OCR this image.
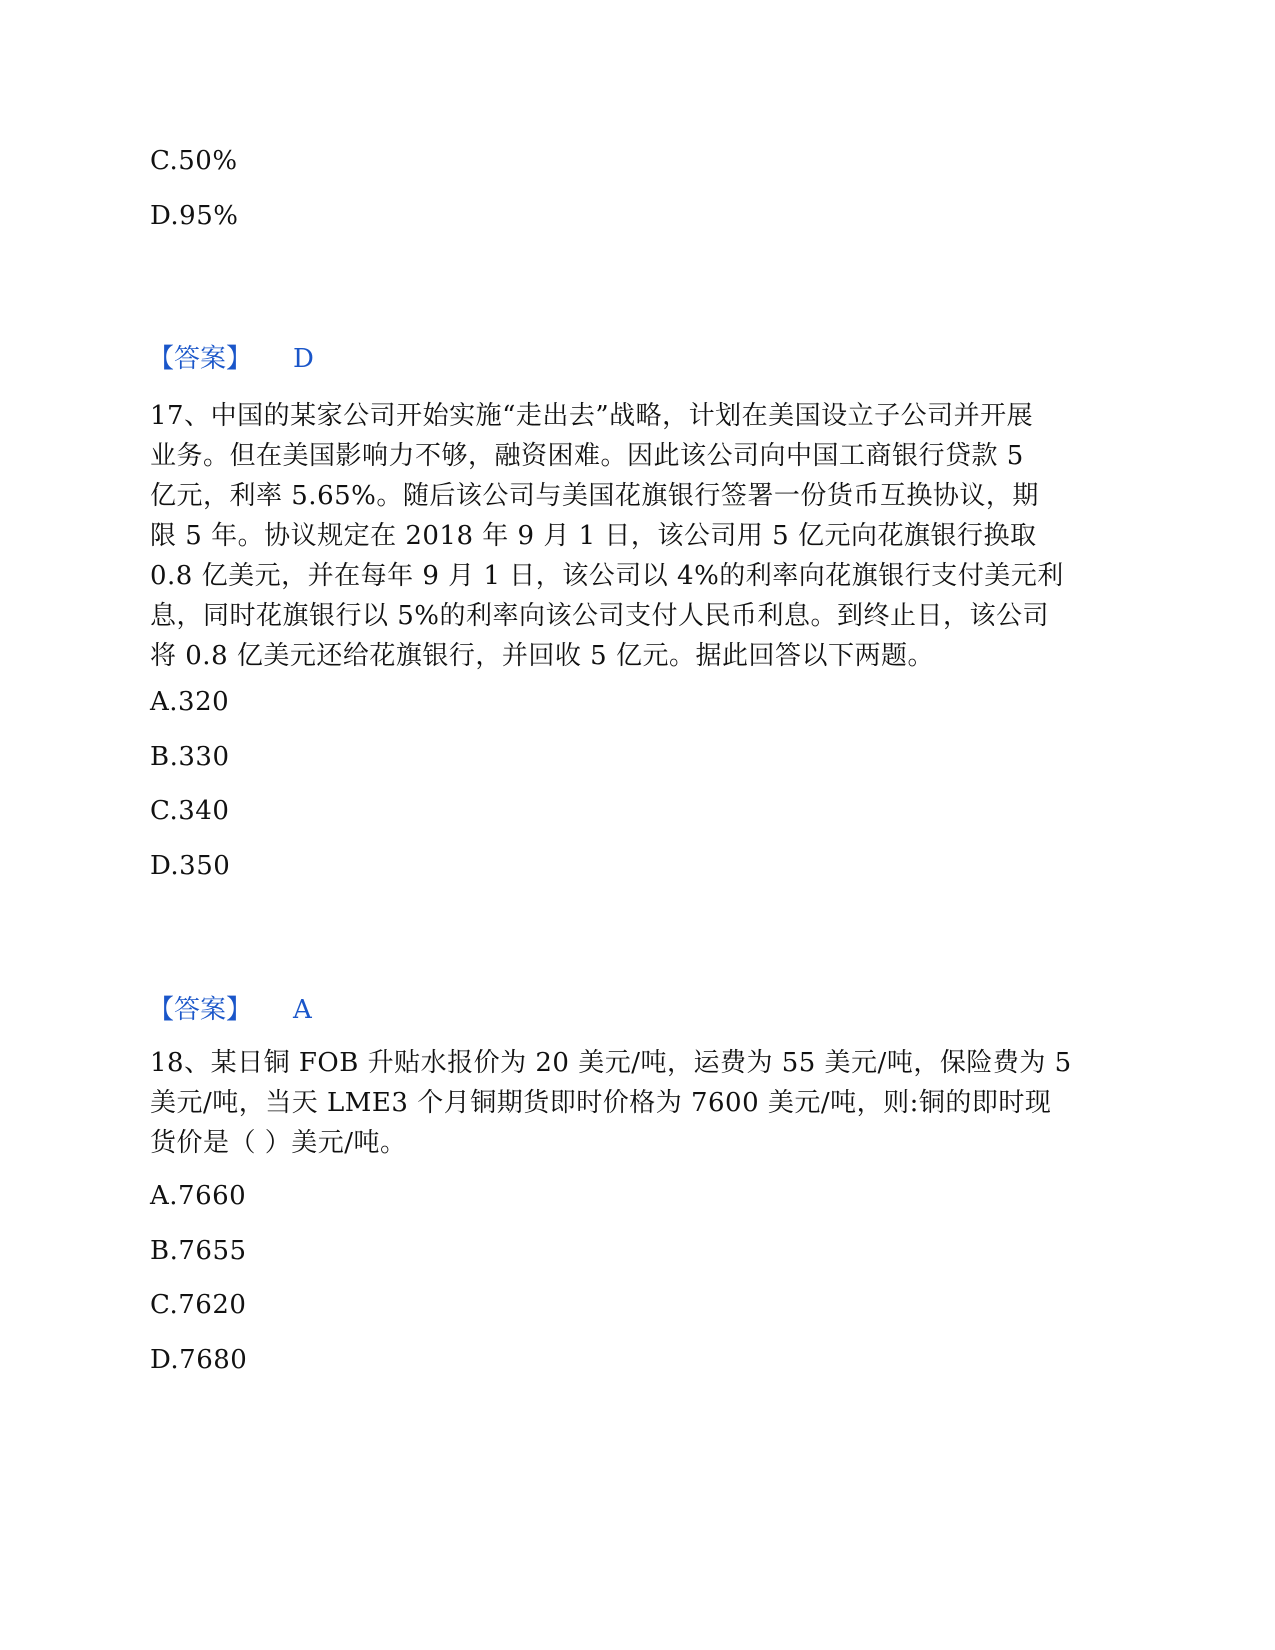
C.50%
D.95%
【答案】 D
17、中国的某家公司开始实施“走出去”战略，计划在美国设立子公司并开展
业务。但在美国影响力不够，融资困难。因此该公司向中国工商银行贷款 5
亿元，利率 5.65%。随后该公司与美国花旗银行签署一份货币互换协议，期
限 5 年。协议规定在 2018 年 9 月 1 日，该公司用 5 亿元向花旗银行换取
0.8 亿美元，并在每年 9 月 1 日，该公司以 4%的利率向花旗银行支付美元利
息，同时花旗银行以 5%的利率向该公司支付人民币利息。到终止日，该公司
将 0.8 亿美元还给花旗银行，并回收 5 亿元。据此回答以下两题。
A.320
B.330
C.340
D.350
【答案】 A
18、某日铜 FOB 升贴水报价为 20 美元/吨，运费为 55 美元/吨，保险费为 5
美元/吨，当天 LME3 个月铜期货即时价格为 7600 美元/吨，则:铜的即时现
货价是（ ）美元/吨。
A.7660
B.7655
C.7620
D.7680
